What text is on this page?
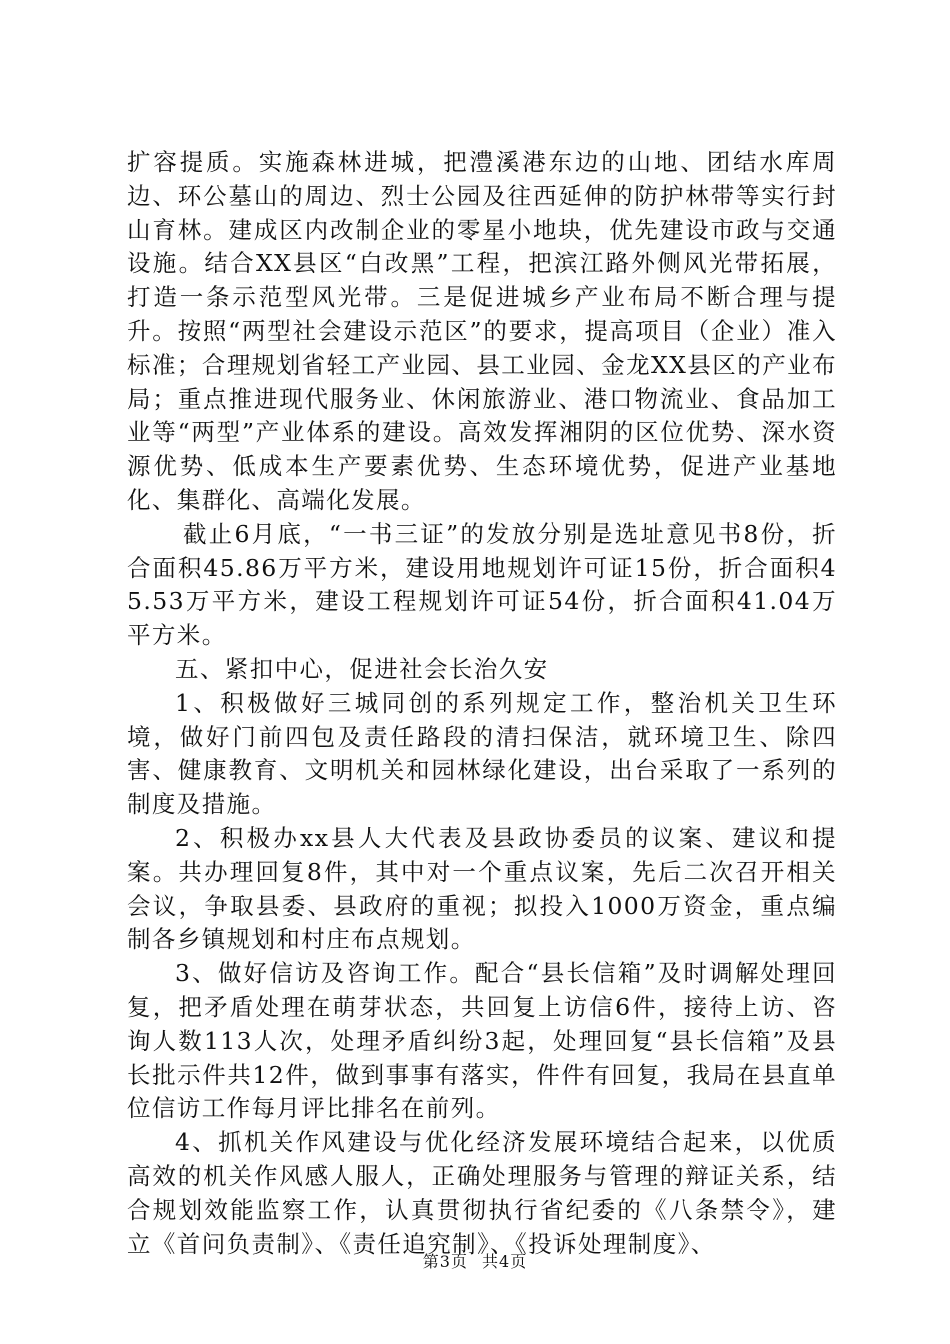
扩容提质。实施森林进城，把澧溪港东边的山地、团结水库周边、环公墓山的周边、烈士公园及往西延伸的防护林带等实行封山育林。建成区内改制企业的零星小地块，优先建设市政与交通设施。结合XX县区“白改黑”工程，把滨江路外侧风光带拓展，打造一条示范型风光带。三是促进城乡产业布局不断合理与提升。按照“两型社会建设示范区”的要求，提高项目（企业）准入标准；合理规划省轻工产业园、县工业园、金龙XX县区的产业布局；重点推进现代服务业、休闲旅游业、港口物流业、食品加工业等“两型”产业体系的建设。高效发挥湘阴的区位优势、深水资源优势、低成本生产要素优势、生态环境优势，促进产业基地化、集群化、高端化发展。

截止6月底，“一书三证”的发放分别是选址意见书8份，折合面积45.86万平方米，建设用地规划许可证15份，折合面积45.53万平方米，建设工程规划许可证54份，折合面积41.04万平方米。

五、紧扣中心，促进社会长治久安

1、积极做好三城同创的系列规定工作，整治机关卫生环境，做好门前四包及责任路段的清扫保洁，就环境卫生、除四害、健康教育、文明机关和园林绿化建设，出台采取了一系列的制度及措施。

2、积极办xx县人大代表及县政协委员的议案、建议和提案。共办理回复8件，其中对一个重点议案，先后二次召开相关会议，争取县委、县政府的重视；拟投入1000万资金，重点编制各乡镇规划和村庄布点规划。

3、做好信访及咨询工作。配合“县长信箱”及时调解处理回复，把矛盾处理在萌芽状态，共回复上访信6件，接待上访、咨询人数113人次，处理矛盾纠纷3起，处理回复“县长信箱”及县长批示件共12件，做到事事有落实，件件有回复，我局在县直单位信访工作每月评比排名在前列。

4、抓机关作风建设与优化经济发展环境结合起来，以优质高效的机关作风感人服人，正确处理服务与管理的辩证关系，结合规划效能监察工作，认真贯彻执行省纪委的《八条禁令》，建立《首问负责制》、《责任追究制》、《投诉处理制度》、

第3页 共4页
